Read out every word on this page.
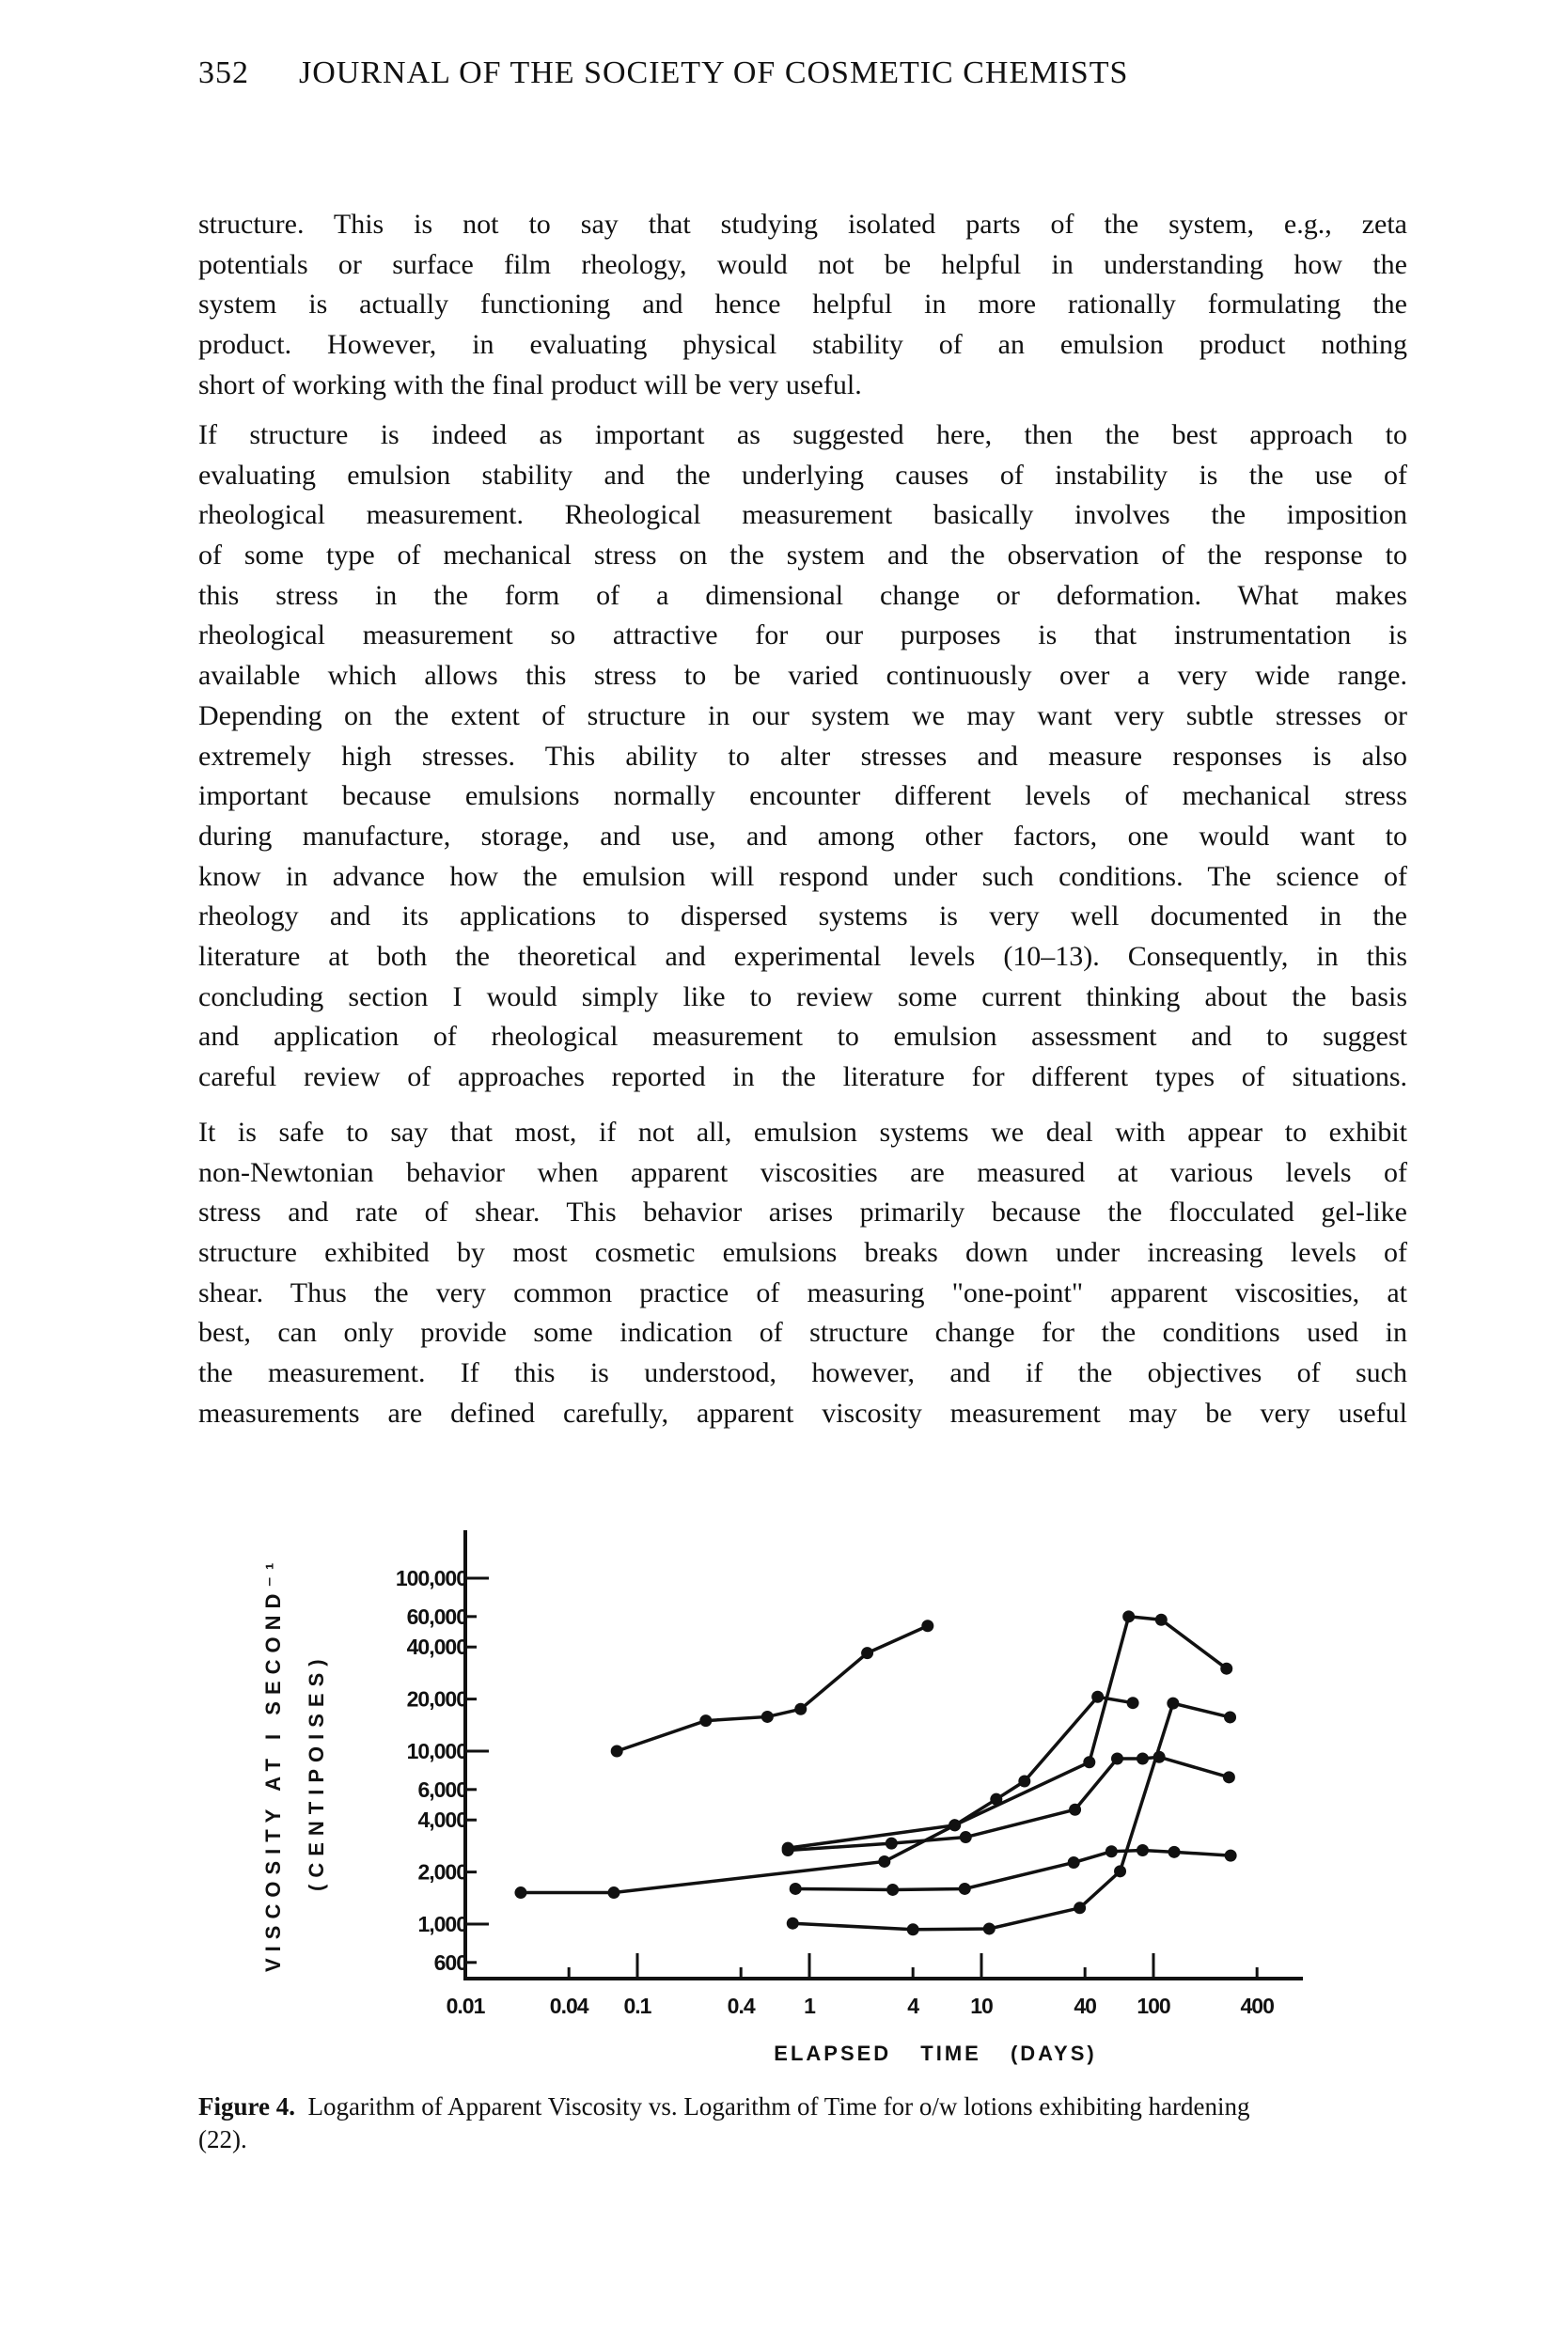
352 JOURNAL OF THE SOCIETY OF COSMETIC CHEMISTS
structure. This is not to say that studying isolated parts of the system, e.g., zeta
potentials or surface film rheology, would not be helpful in understanding how the
system is actually functioning and hence helpful in more rationally formulating the
product. However, in evaluating physical stability of an emulsion product nothing
short of working with the final product will be very useful.
If structure is indeed as important as suggested here, then the best approach to
evaluating emulsion stability and the underlying causes of instability is the use of
rheological measurement. Rheological measurement basically involves the imposition
of some type of mechanical stress on the system and the observation of the response to
this stress in the form of a dimensional change or deformation. What makes
rheological measurement so attractive for our purposes is that instrumentation is
available which allows this stress to be varied continuously over a very wide range.
Depending on the extent of structure in our system we may want very subtle stresses or
extremely high stresses. This ability to alter stresses and measure responses is also
important because emulsions normally encounter different levels of mechanical stress
during manufacture, storage, and use, and among other factors, one would want to
know in advance how the emulsion will respond under such conditions. The science of
rheology and its applications to dispersed systems is very well documented in the
literature at both the theoretical and experimental levels (10–13). Consequently, in this
concluding section I would simply like to review some current thinking about the basis
and application of rheological measurement to emulsion assessment and to suggest
careful review of approaches reported in the literature for different types of situations.
It is safe to say that most, if not all, emulsion systems we deal with appear to exhibit
non-Newtonian behavior when apparent viscosities are measured at various levels of
stress and rate of shear. This behavior arises primarily because the flocculated gel-like
structure exhibited by most cosmetic emulsions breaks down under increasing levels of
shear. Thus the very common practice of measuring "one-point" apparent viscosities, at
best, can only provide some indication of structure change for the conditions used in
the measurement. If this is understood, however, and if the objectives of such
measurements are defined carefully, apparent viscosity measurement may be very useful
100,000
60,000
40,000
20,000
10,000
6,000
4,000
2,000
1,000
600
0.01	0.04 0.1	0.4 1	4 10	40 100	400
VISCOSITY AT I SECOND⁻¹ (CENTIPOISES)
ELAPSED TIME (DAYS)
Figure 4. Logarithm of Apparent Viscosity vs. Logarithm of Time for o/w lotions exhibiting hardening
(22).
